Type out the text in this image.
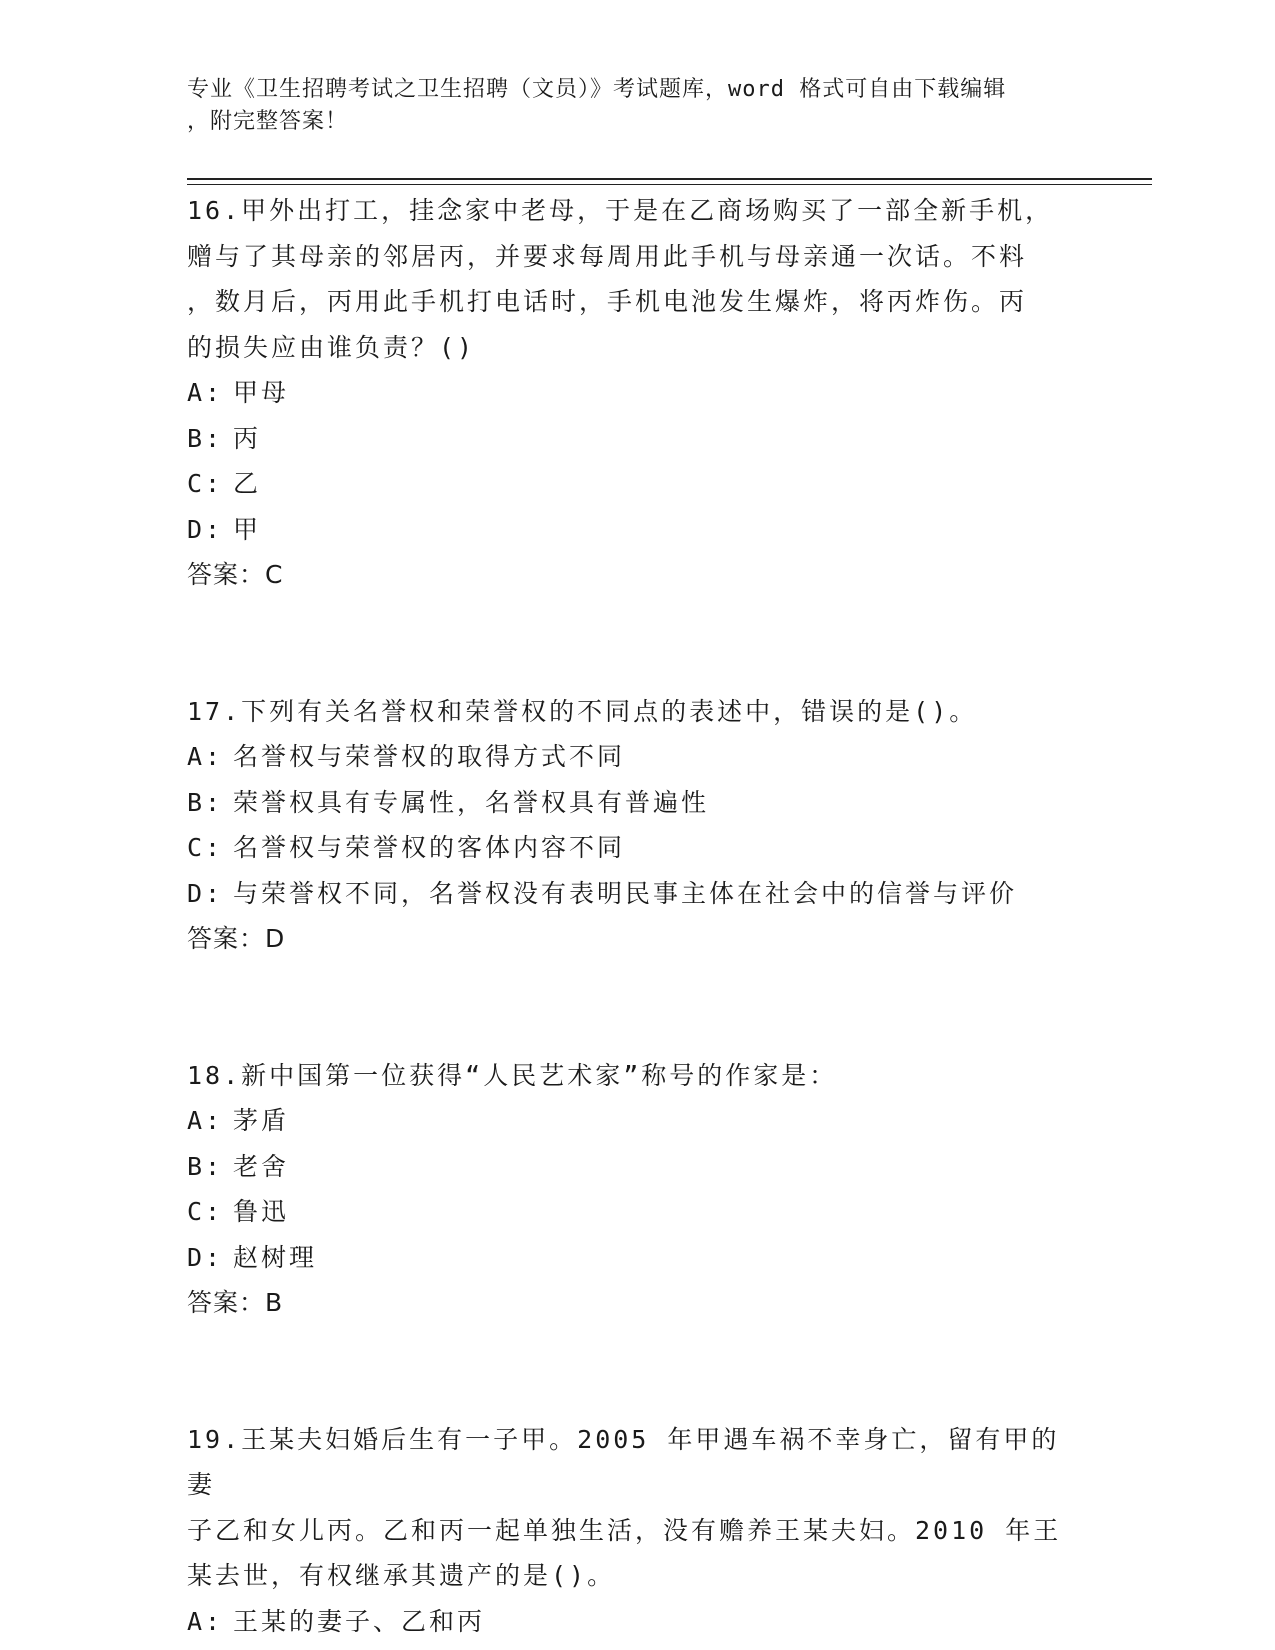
专业《卫生招聘考试之卫生招聘（文员）》考试题库，word 格式可自由下载编辑
，附完整答案！

16.甲外出打工，挂念家中老母，于是在乙商场购买了一部全新手机，

赠与了其母亲的邻居丙，并要求每周用此手机与母亲通一次话。不料

，数月后，丙用此手机打电话时，手机电池发生爆炸，将丙炸伤。丙

的损失应由谁负责？()

A: 甲母

B: 丙

C: 乙

D: 甲

答案：C

17.下列有关名誉权和荣誉权的不同点的表述中，错误的是()。

A: 名誉权与荣誉权的取得方式不同

B: 荣誉权具有专属性，名誉权具有普遍性

C: 名誉权与荣誉权的客体内容不同

D: 与荣誉权不同，名誉权没有表明民事主体在社会中的信誉与评价

答案：D

18.新中国第一位获得“人民艺术家”称号的作家是：

A: 茅盾

B: 老舍

C: 鲁迅

D: 赵树理

答案：B

19.王某夫妇婚后生有一子甲。2005 年甲遇车祸不幸身亡，留有甲的妻

子乙和女儿丙。乙和丙一起单独生活，没有赡养王某夫妇。2010 年王

某去世，有权继承其遗产的是()。

A: 王某的妻子、乙和丙
